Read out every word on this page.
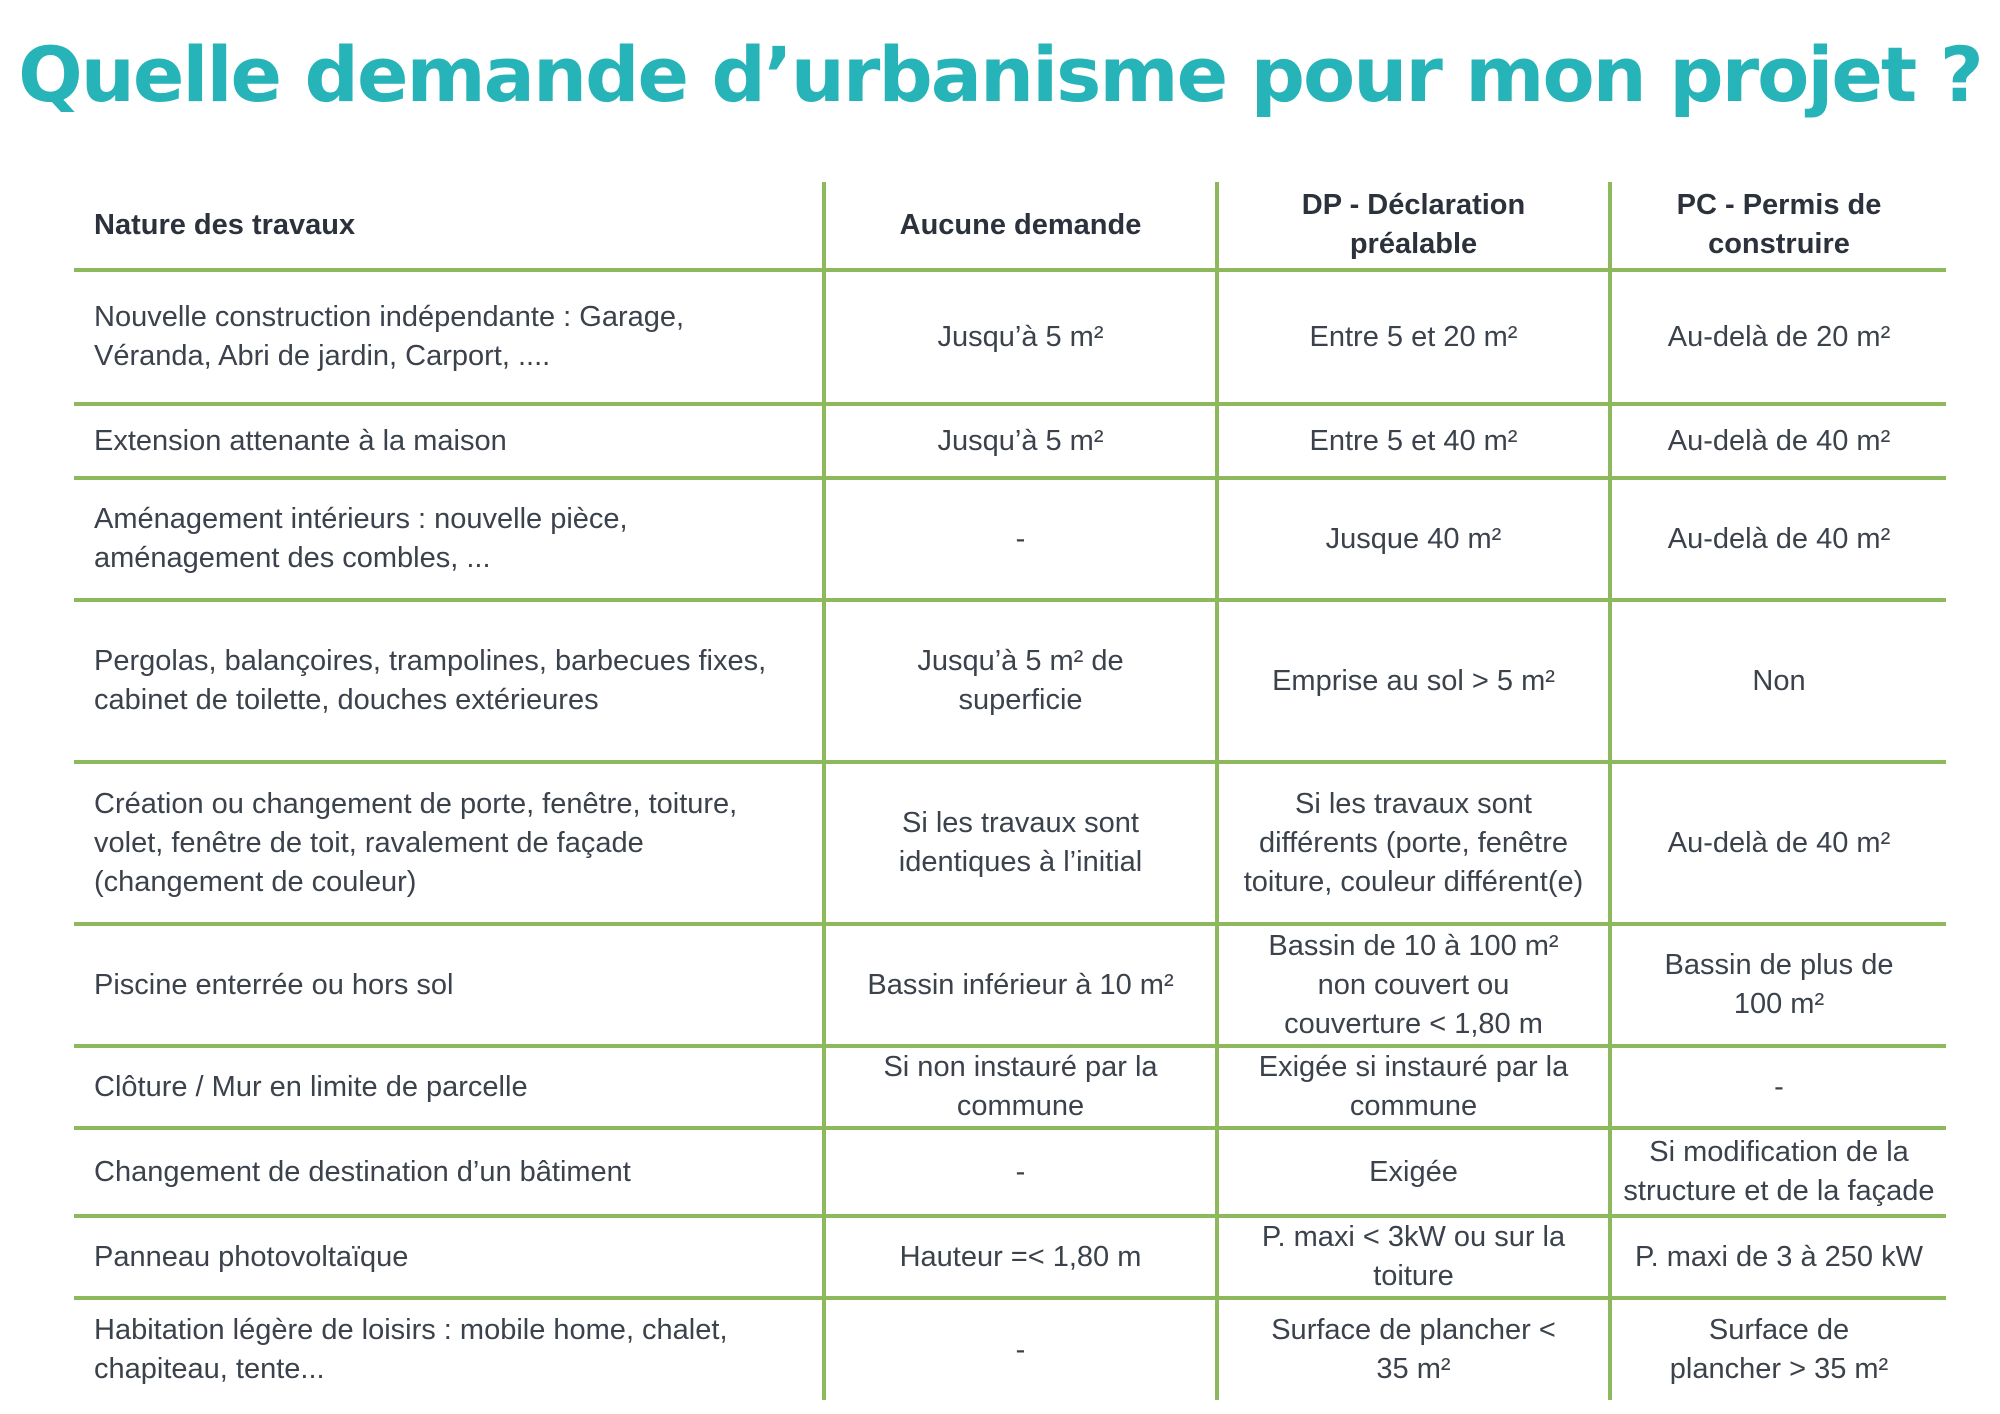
Quelle demande d’urbanisme pour mon projet ?
Nature des travaux	Aucune demande	DP - Déclaration préalable	PC - Permis de construire

Nouvelle construction indépendante : Garage, Véranda, Abri de jardin, Carport, ....	Jusqu’à 5 m²	Entre 5 et 20 m²	Au-delà de 20 m²
Extension attenante à la maison	Jusqu’à 5 m²	Entre 5 et 40 m²	Au-delà de 40 m²

Aménagement intérieurs : nouvelle pièce, aménagement des combles, ...	-	Jusque 40 m²	Au-delà de 40 m²

Pergolas, balançoires, trampolines, barbecues fixes, cabinet de toilette, douches extérieures	Jusqu’à 5 m² de superficie	Emprise au sol > 5 m²	Non

Création ou changement de porte, fenêtre, toiture, volet, fenêtre de toit, ravalement de façade (changement de couleur)	Si les travaux sont identiques à l’initial	Si les travaux sont différents (porte, fenêtre toiture, couleur différent(e)	Au-delà de 40 m²
Piscine enterrée ou hors sol	Bassin inférieur à 10 m²	Bassin de 10 à 100 m² non couvert ou couverture < 1,80 m	Bassin de plus de 100 m²

Clôture / Mur en limite de parcelle	Si non instauré par la commune	Exigée si instauré par la commune	-
Changement de destination d’un bâtiment	-	Exigée	Si modification de la structure et de la façade
Panneau photovoltaïque	Hauteur =< 1,80 m	P. maxi < 3kW ou sur la toiture	P. maxi de 3 à 250 kW

Habitation légère de loisirs : mobile home, chalet, chapiteau, tente...	-	Surface de plancher < 35 m²	Surface de plancher > 35 m²
